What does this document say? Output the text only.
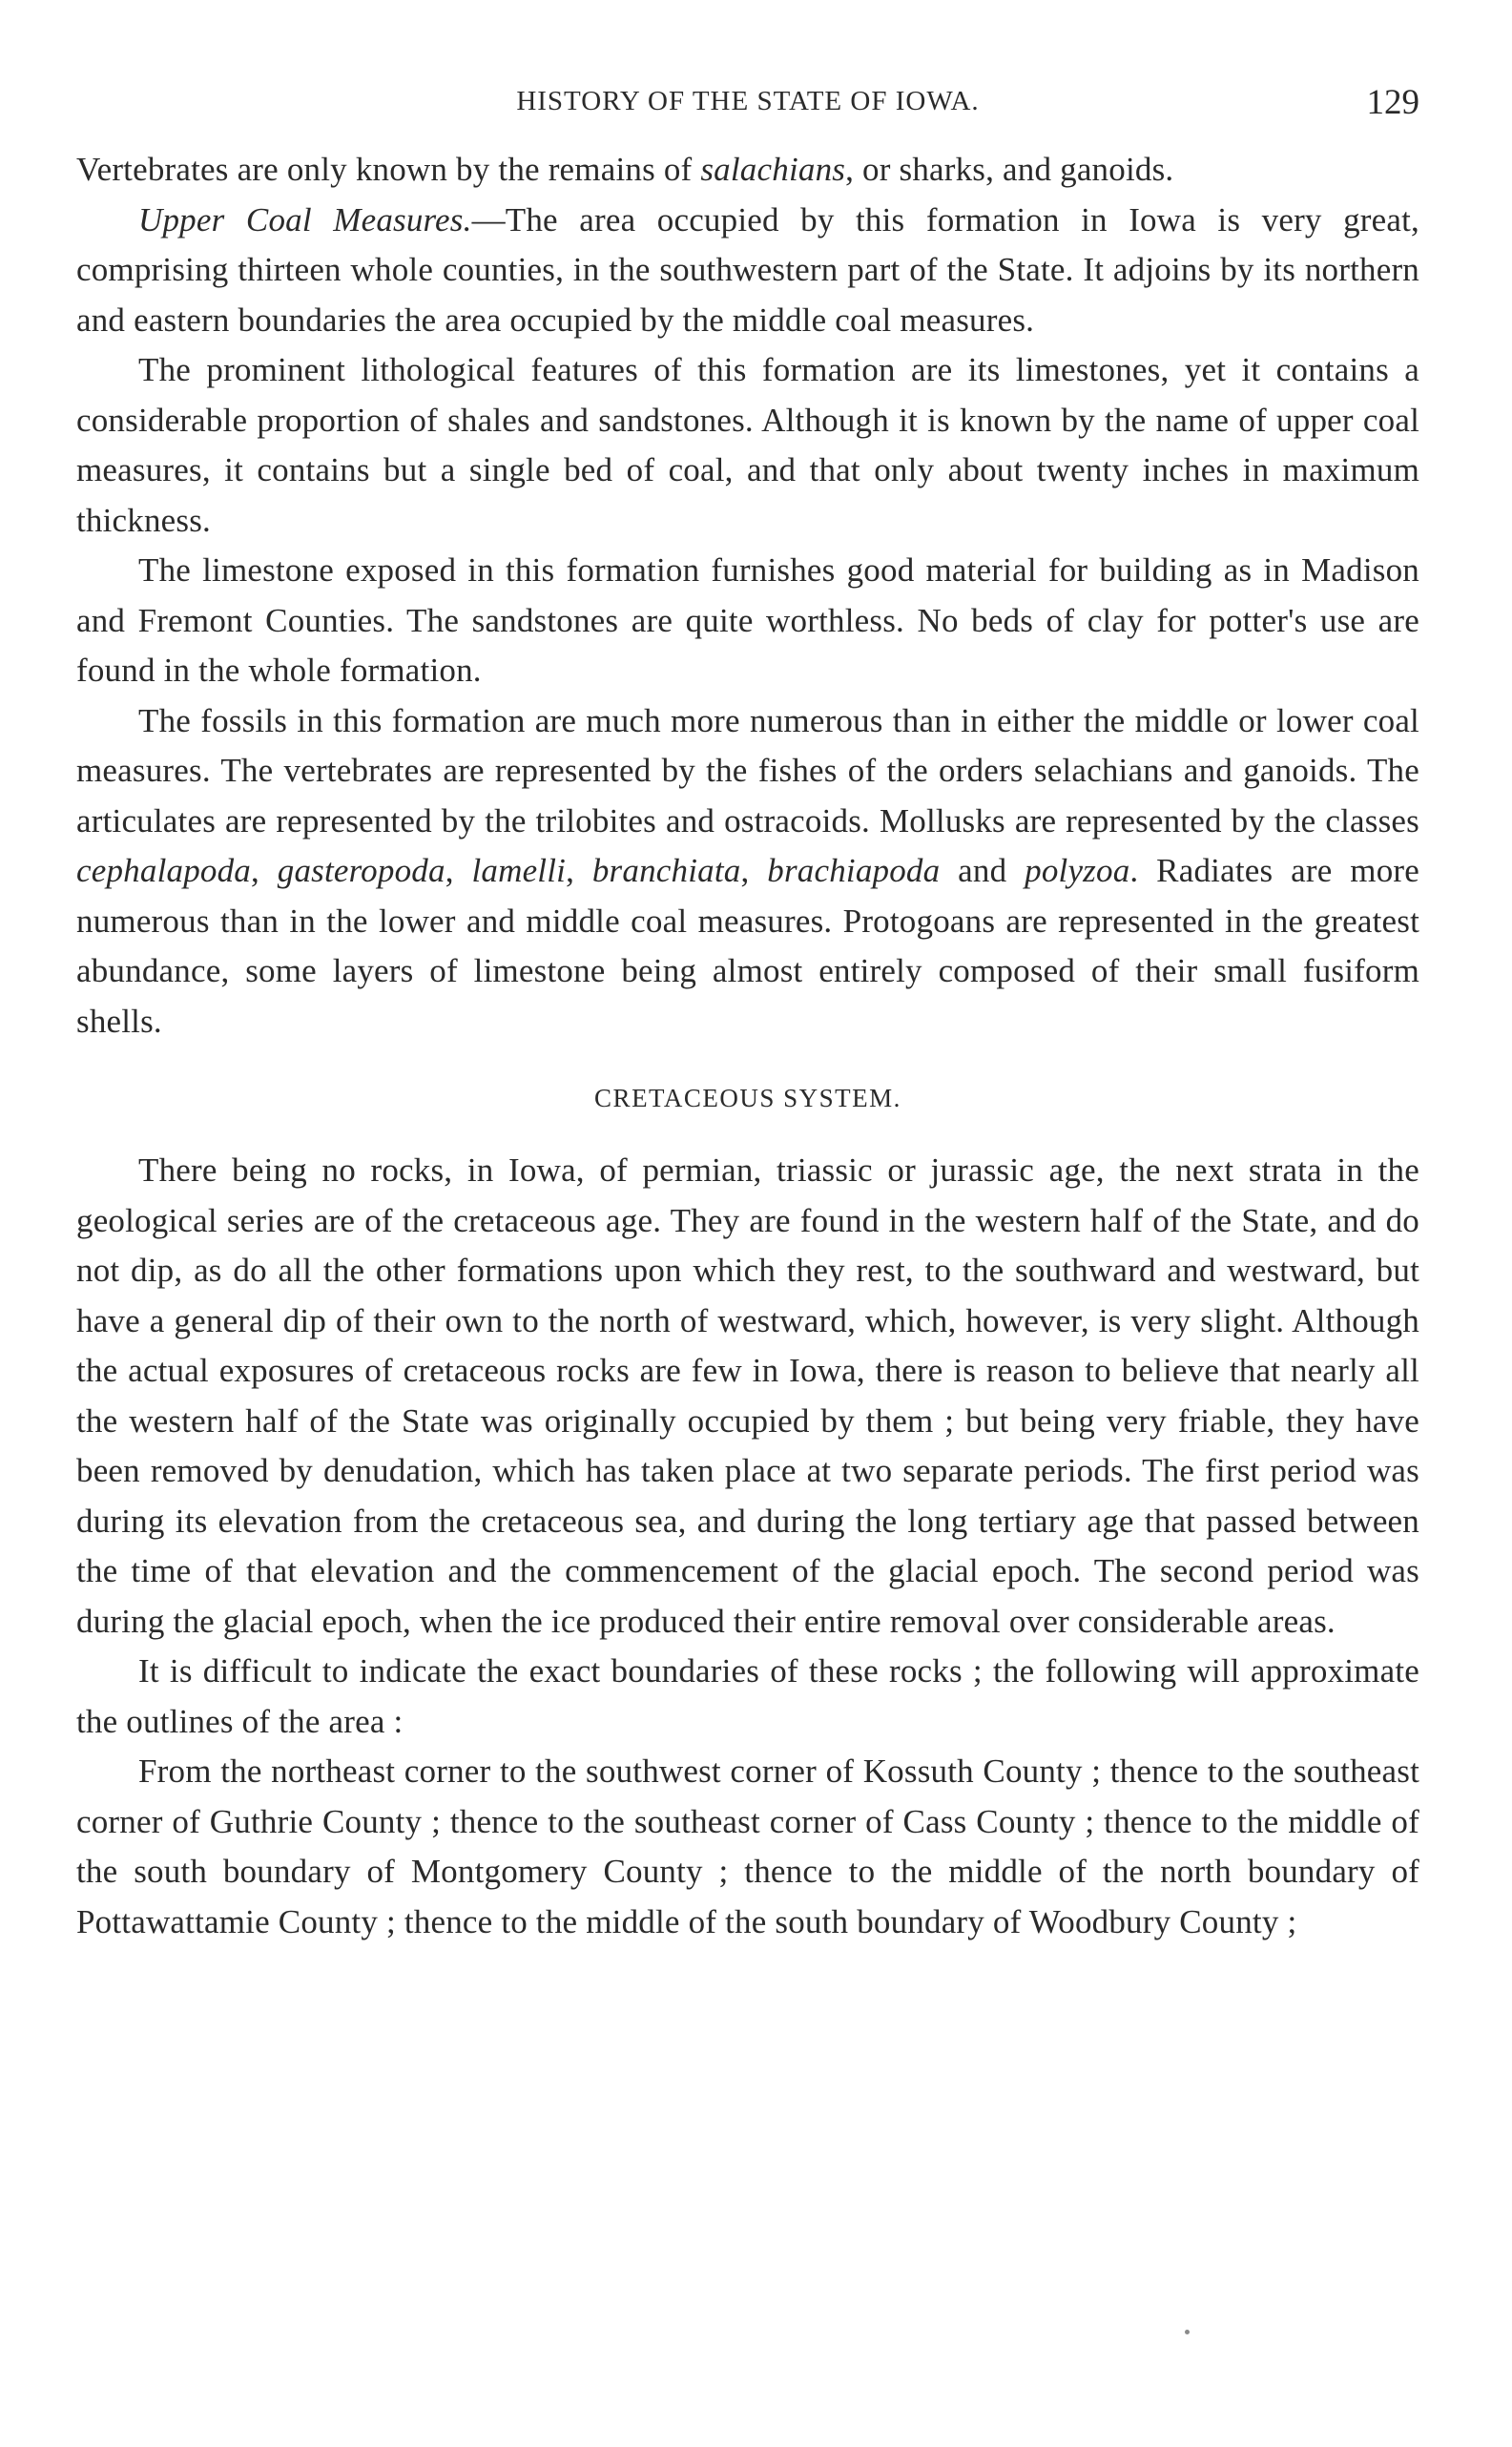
HISTORY OF THE STATE OF IOWA.	129

Vertebrates are only known by the remains of salachians, or sharks, and ganoids.

Upper Coal Measures.—The area occupied by this formation in Iowa is very great, comprising thirteen whole counties, in the southwestern part of the State. It adjoins by its northern and eastern boundaries the area occupied by the middle coal measures.

The prominent lithological features of this formation are its limestones, yet it contains a considerable proportion of shales and sandstones. Although it is known by the name of upper coal measures, it contains but a single bed of coal, and that only about twenty inches in maximum thickness.

The limestone exposed in this formation furnishes good material for building as in Madison and Fremont Counties. The sandstones are quite worthless. No beds of clay for potter's use are found in the whole formation.

The fossils in this formation are much more numerous than in either the middle or lower coal measures. The vertebrates are represented by the fishes of the orders selachians and ganoids. The articulates are represented by the trilobites and ostracoids. Mollusks are represented by the classes cephalapoda, gasteropoda, lamelli, branchiata, brachiapoda and polyzoa. Radiates are more numerous than in the lower and middle coal measures. Protogoans are represented in the greatest abundance, some layers of limestone being almost entirely composed of their small fusiform shells.

CRETACEOUS SYSTEM.

There being no rocks, in Iowa, of permian, triassic or jurassic age, the next strata in the geological series are of the cretaceous age. They are found in the western half of the State, and do not dip, as do all the other formations upon which they rest, to the southward and westward, but have a general dip of their own to the north of westward, which, however, is very slight. Although the actual exposures of cretaceous rocks are few in Iowa, there is reason to believe that nearly all the western half of the State was originally occupied by them ; but being very friable, they have been removed by denudation, which has taken place at two separate periods. The first period was during its elevation from the cretaceous sea, and during the long tertiary age that passed between the time of that elevation and the commencement of the glacial epoch. The second period was during the glacial epoch, when the ice produced their entire removal over considerable areas.

It is difficult to indicate the exact boundaries of these rocks ; the following will approximate the outlines of the area :

From the northeast corner to the southwest corner of Kossuth County ; thence to the southeast corner of Guthrie County ; thence to the southeast corner of Cass County ; thence to the middle of the south boundary of Montgomery County ; thence to the middle of the north boundary of Pottawattamie County ; thence to the middle of the south boundary of Woodbury County ;
